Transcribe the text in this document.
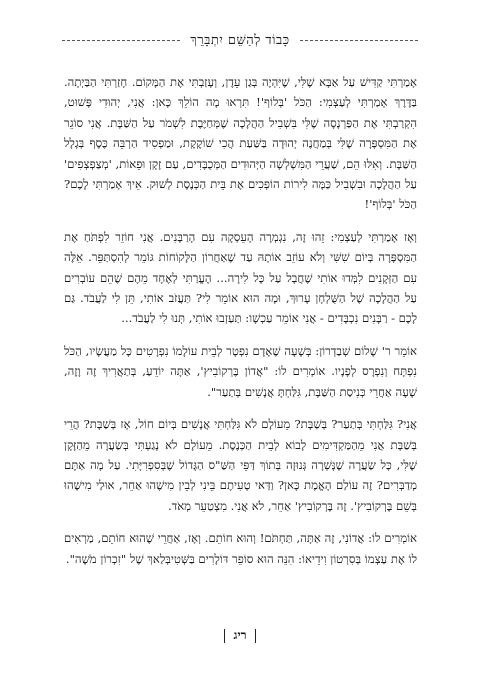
כָּבוֹד לְהַשֵּׁם יִתְבָּרֵךְ

אָמַרְתִּי קַדִּישׁ עַל אַבָּא שֶׁלִּי, שֶׁיִּהְיֶה בְּגַן עֵדֶן, וְעָזַבְתִּי אֶת הַמָּקוֹם. חָזַרְתִּי הַבַּיְתָה. בַּדֶּרֶךְ אָמַרְתִּי לְעַצְמִי: הַכֹּל 'בְּלוֹף'! תִּרְאוּ מָה הוֹלֵךְ כָּאן: אֲנִי, יְהוּדִי פָּשׁוּט, הִקְרַבְתִּי אֶת הַפַּרְנָסָה שֶׁלִּי בִּשְׁבִיל הַהֲלָכָה שֶׁמְּחַיֶּבֶת לִשְׁמֹר עַל הַשַּׁבָּת. אֲנִי סוֹגֵר אֶת הַמִּסְפָּרָה שֶׁלִּי בְּמַחֲנֶה יְהוּדָה בַּשַּׁעַת הֲכִי שׁוֹקֶקֶת, וּמַפְסִיד הַרְבֵּה כֶּסֶף בְּגָלָל הַשַּׁבָּת. וְאִלּוּ הֵם, שַׁעֲרֵי הַמִּשְׁלְשָׁה הַיְּהוּדִים הַמְּכֻבָּדִים, עַם זָקָן וּפֵאוֹת, 'מְצַפְצְפִים' עַל הַהֲלָכָה וּבִשְׁבִיל כַּמָּה לִירוֹת הוֹפְכִים אֶת בֵּית הַכְּנֶסֶת לְשׁוּק. אֵיךְ אָמַרְתִּי לָכֶם? הַכֹּל 'בְּלוֹף'!

וְאָז אָמַרְתִּי לְעַצְמִי: זֵהוּ זֶה, נִגְמְרָה הָעֵסְקָה עִם הָרַבָּנִים. אֲנִי חוֹזֵר לִפְתֹּחַ אֶת הַמִּסְפָּרָה בְּיוֹם שִׁשִּׁי וְלֹא עוֹזֵב אוֹתָהּ עַד שֶׁאַחֲרוֹן הַלָּקוֹחוֹת גּוֹמֵר לְהִסְתַּפֵּר. אֵלֶּה עִם הַזְּקָנִים לִמְּדוּ אוֹתִי שֶׁחֲבָל עַל כָּל לִירָה... הֶעֱרַתִּי לְאֶחָד מֵהֶם שֶׁהֵם עוֹבְרִים עַל הַהֲלָכָה שֶׁל הַשֻּׁלְחָן עָרוּךְ, וּמָה הוּא אוֹמֵר לִי? תַּעֲזֹב אוֹתִי, תֵּן לִי לַעֲבֹד. גַּם לָכֶם - רַבָּנִים נִכְבָּדִים - אֲנִי אוֹמֵר עַכְשָׁו: תַּעַזְבוּ אוֹתִי, תְּנוּ לִי לַעֲבֹד...

אוֹמֵר ר' שָׁלוֹם שְׁבַדְרוֹן: בְּשָׁעָה שֶׁאָדָם נִפְטָר לְבֵית עוֹלָמוֹ נִפְרָטִים כָּל מַעֲשָׂיו, הַכֹּל נִפְתָּח וְנִפְרָס לְפָנָיו. אוֹמְרִים לוֹ: "אֲדוֹן בֶּרְקוֹבִיץ', אַתָּה יוֹדֵעַ, בְּתַאֲרִיךְ זֶה וָזֶה, שָׁעָה אַחֲרֵי כְּנִיסַת הַשַּׁבָּת, גִּלַּחְתָּ אֲנָשִׁים בְּתַעַר".

אֲנִי? גִּלַּחְתִּי בְּתַעַר? בְּשַׁבָּת? מֵעוֹלָם לֹא גִּלַּחְתִּי אֲנָשִׁים בְּיוֹם חוֹל, אָז בְּשַׁבָּת? הֲרֵי בְּשַׁבָּת אֲנִי מֵהַמַּקְדִּימִים לָבוֹא לְבֵית הַכְּנֶסֶת. מֵעוֹלָם לֹא נָגַעְתִּי בְּשַׂעֲרָה מֵהַזָּקָן שֶׁלִּי, כָּל שַׂעֲרָה שֶׁנָּשְׁרָה גְּנוּזָה בְּתוֹךְ דַּפֵּי הַשַּׁ"ס הַגָּדוֹל שֶׁבְּסִפְרִיָּתִי. עַל מָה אַתֶּם מְדַבְּרִים? זֶה עוֹלַם הָאֱמֶת כָּאן? וַדַּאי טָעִיתֶם בֵּינִי לְבֵין מִישֶׁהוּ אַחֵר, אוּלַי מִישֶׁהוּ בְּשֵׁם בֶּרְקוֹבִיץ'. זֶה בֶּרְקוֹבִיץ' אַחֵר, לֹא אֲנִי. מִצְטַעֵר מְאֹד.

אוֹמְרִים לוֹ: אֲדוֹנִי, זֶה אַתָּה, תַּחְתֹּם! וְהוּא חוֹתֵם. וְאָז, אַחֲרֵי שֶׁהוּא חוֹתֵם, מַרְאִים לוֹ אֶת עַצְמוֹ בְּסִרְטוֹן וִידֵיאוֹ: הִנֵּה הוּא סוֹפֵר דּוֹלָרִים בַּשְּׁטִיבְּלַאךְ שֶׁל "זִכְרוֹן מֹשֶׁה".

ריג
